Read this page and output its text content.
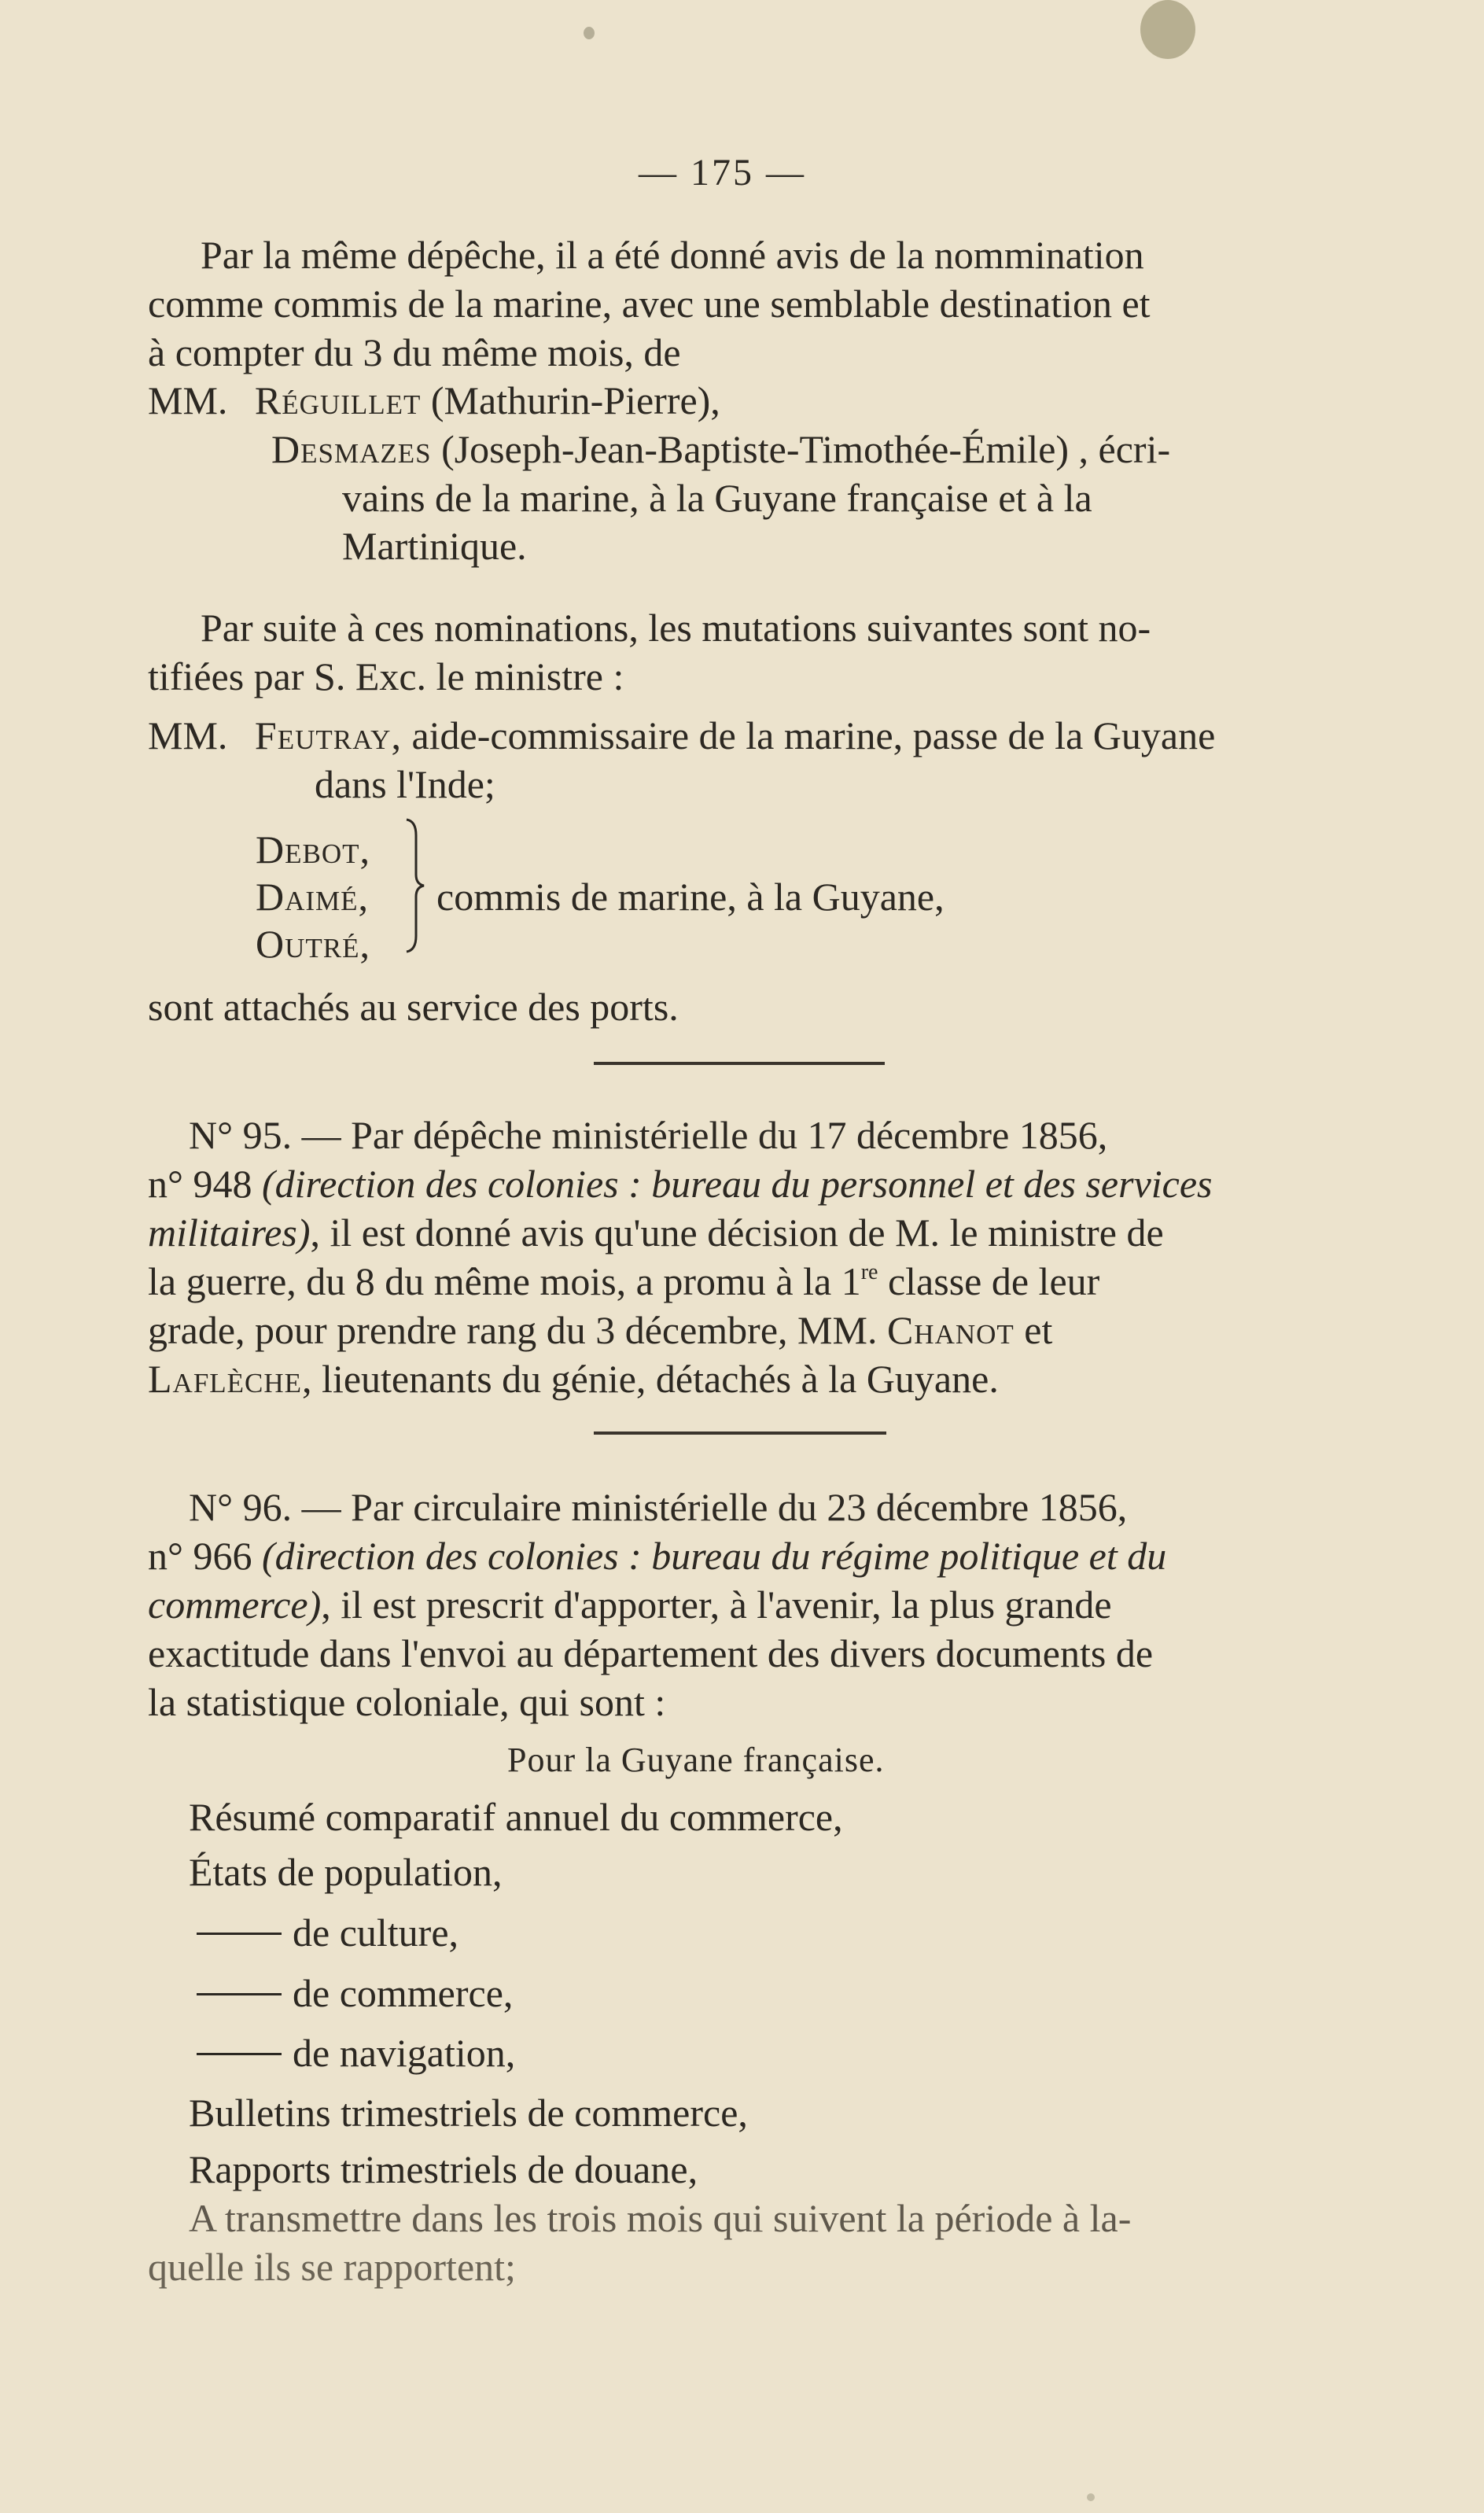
— 175 —
Par la même dépêche, il a été donné avis de la nommination
comme commis de la marine, avec une semblable destination et
à compter du 3 du même mois, de
MM. Réguillet (Mathurin-Pierre),
Desmazes (Joseph-Jean-Baptiste-Timothée-Émile) , écri-
vains de la marine, à la Guyane française et à la
Martinique.
Par suite à ces nominations, les mutations suivantes sont no-
tifiées par S. Exc. le ministre :
MM. Feutray, aide-commissaire de la marine, passe de la Guyane
dans l'Inde;
Debot,
Daimé,
Outré,
commis de marine, à la Guyane,
sont attachés au service des ports.
N° 95. — Par dépêche ministérielle du 17 décembre 1856,
n° 948 (direction des colonies : bureau du personnel et des services
militaires), il est donné avis qu'une décision de M. le ministre de
la guerre, du 8 du même mois, a promu à la 1re classe de leur
grade, pour prendre rang du 3 décembre, MM. Chanot et
Laflèche, lieutenants du génie, détachés à la Guyane.
N° 96. — Par circulaire ministérielle du 23 décembre 1856,
n° 966 (direction des colonies : bureau du régime politique et du
commerce), il est prescrit d'apporter, à l'avenir, la plus grande
exactitude dans l'envoi au département des divers documents de
la statistique coloniale, qui sont :
Pour la Guyane française.
Résumé comparatif annuel du commerce,
États de population,
de culture,
de commerce,
de navigation,
Bulletins trimestriels de commerce,
Rapports trimestriels de douane,
A transmettre dans les trois mois qui suivent la période à la-
quelle ils se rapportent;
